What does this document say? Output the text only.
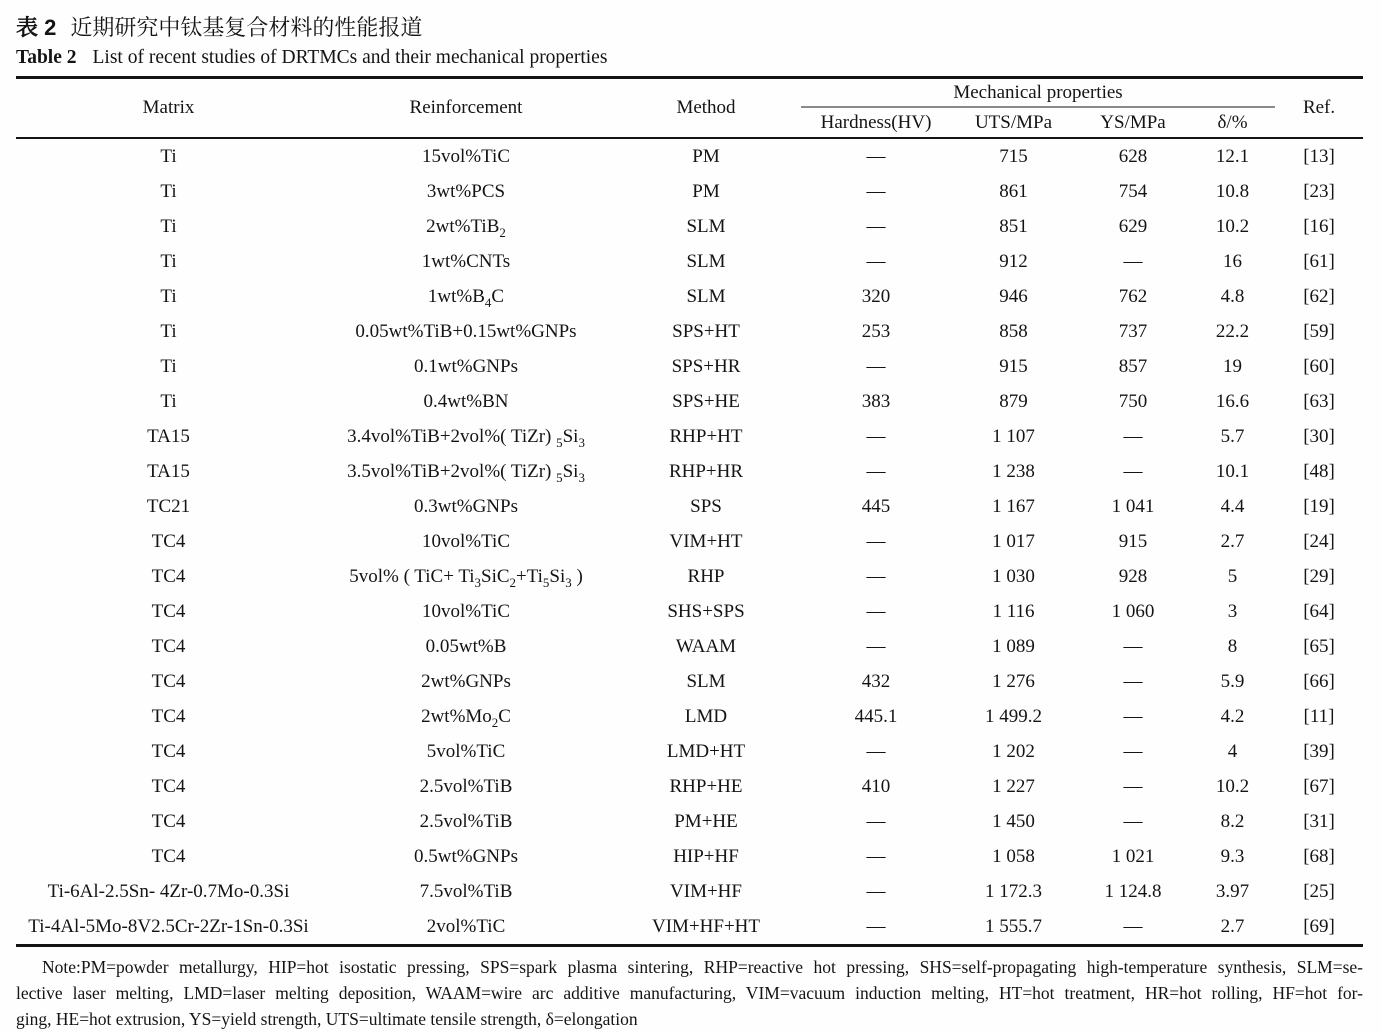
表 2 近期研究中钛基复合材料的性能报道
Table 2 List of recent studies of DRTMCs and their mechanical properties
Matrix	Reinforcement	Method	Mechanical properties				Ref.
			Hardness(HV)	UTS/MPa	YS/MPa	δ/%	
Ti	15vol%TiC	PM	—	715	628	12.1	[13]
Ti	3wt%PCS	PM	—	861	754	10.8	[23]
Ti	2wt%TiB$_2$	SLM	—	851	629	10.2	[16]
Ti	1wt%CNTs	SLM	—	912	—	16	[61]
Ti	$1wt\%B_4C$	SLM	320	946	762	4.8	[62]
Ti	0.05wt%TiB+0.15wt%GNPs	SPS+HT	253	858	737	22.2	[59]
Ti	0.1wt%GNPs	SPS+HR	—	915	857	19	[60]
Ti	0.4wt%BN	SPS+HE	383	879	750	16.6	[63]
TA15	3.4vol%TiB+2vol%( TiZr) $_5Si_3$	RHP+HT	—	1 107	—	5.7	[30]
TA15	3.5vol%TiB+2vol%( TiZr) $_5Si_3$	RHP+HR	—	1 238	—	10.1	[48]
TC21	0.3wt%GNPs	SPS	445	1 167	1 041	4.4	[19]
TC4	10vol%TiC	VIM+HT	—	1 017	915	2.7	[24]
TC4	5vol% ( $TiC+ Ti_3SiC_2+Ti_5Si_3$ )	RHP	—	1 030	928	5	[29]
TC4	10vol%TiC	SHS+SPS	—	1 116	1 060	3	[64]
TC4	0.05wt%B	WAAM	—	1 089	—	8	[65]
TC4	2wt%GNPs	SLM	432	1 276	—	5.9	[66]
TC4	$2wt\%Mo_2C$	LMD	445.1	1 499.2	—	4.2	[11]
TC4	5vol%TiC	LMD+HT	—	1 202	—	4	[39]
TC4	2.5vol%TiB	RHP+HE	410	1 227	—	10.2	[67]
TC4	2.5vol%TiB	PM+HE	—	1 450	—	8.2	[31]
TC4	0.5wt%GNPs	HIP+HF	—	1 058	1 021	9.3	[68]
Ti-6Al-2.5Sn- 4Zr-0.7Mo-0.3Si	7.5vol%TiB	VIM+HF	—	1 172.3	1 124.8	3.97	[25]
Ti-4Al-5Mo-8V2.5Cr-2Zr-1Sn-0.3Si	2vol%TiC	VIM+HF+HT	—	1 555.7	—	2.7	[69]
Note:PM=powder metallurgy, HIP=hot isostatic pressing, SPS=spark plasma sintering, RHP=reactive hot pressing, SHS=self-propagating high-temperature synthesis, SLM=se-
lective laser melting, LMD=laser melting deposition, WAAM=wire arc additive manufacturing, VIM=vacuum induction melting, HT=hot treatment, HR=hot rolling, HF=hot for-
ging, HE=hot extrusion, YS=yield strength, UTS=ultimate tensile strength, δ=elongation
